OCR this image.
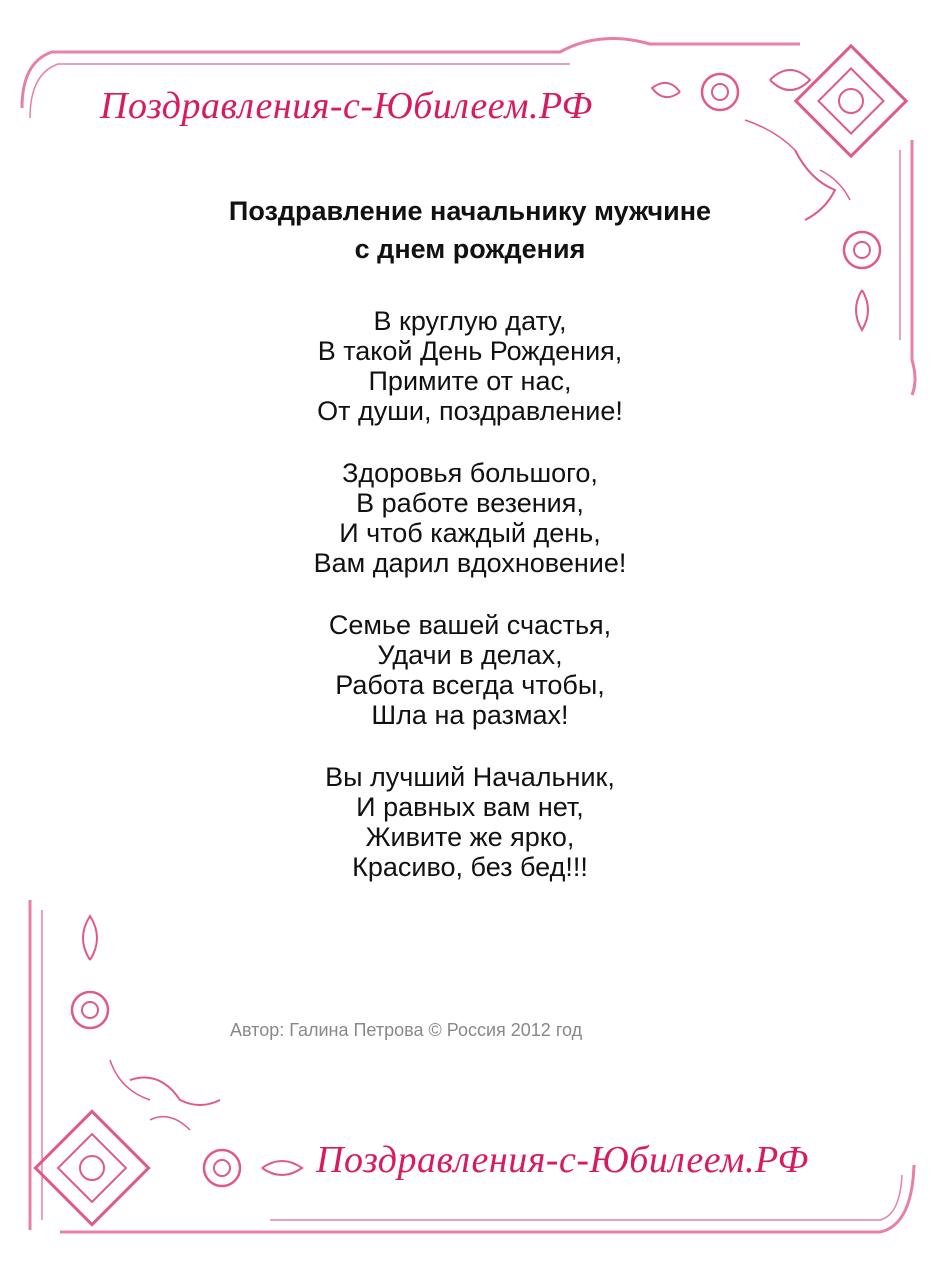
Поздравления-с-Юбилеем.РФ
Поздравление начальнику мужчине
с днем рождения
В круглую дату,
В такой День Рождения,
Примите от нас,
От души, поздравление!
Здоровья большого,
В работе везения,
И чтоб каждый день,
Вам дарил вдохновение!
Семье вашей счастья,
Удачи в делах,
Работа всегда чтобы,
Шла на размах!
Вы лучший Начальник,
И равных вам нет,
Живите же ярко,
Красиво, без бед!!!
Автор: Галина Петрова © Россия 2012 год
Поздравления-с-Юбилеем.РФ
